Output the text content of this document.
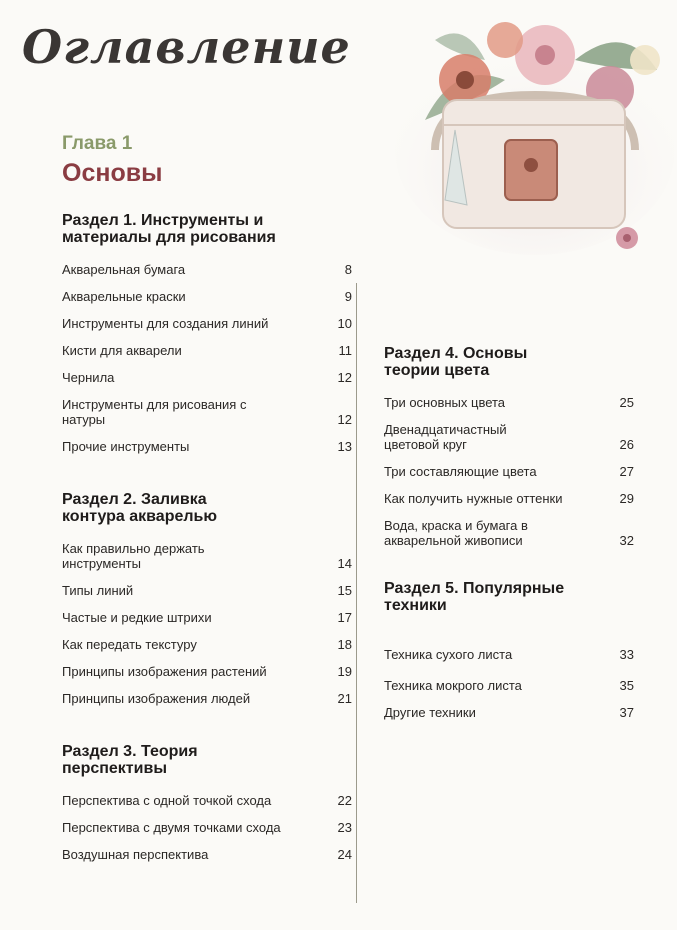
Оглавление
Глава 1
Основы
Раздел 1. Инструменты и материалы для рисования
Акварельная бумага	8
Акварельные краски	9
Инструменты для создания линий	10
Кисти для акварели	11
Чернила	12
Инструменты для рисования с натуры	12
Прочие инструменты	13
Раздел 2. Заливка контура акварелью
Как правильно держать инструменты	14
Типы линий	15
Частые и редкие штрихи	17
Как передать текстуру	18
Принципы изображения растений	19
Принципы изображения людей	21
Раздел 3. Теория перспективы
Перспектива с одной точкой схода	22
Перспектива с двумя точками схода	23
Воздушная перспектива	24
Раздел 4. Основы теории цвета
Три основных цвета	25
Двенадцатичастный цветовой круг	26
Три составляющие цвета	27
Как получить нужные оттенки	29
Вода, краска и бумага в акварельной живописи	32
Раздел 5. Популярные техники
Техника сухого листа	33
Техника мокрого листа	35
Другие техники	37
